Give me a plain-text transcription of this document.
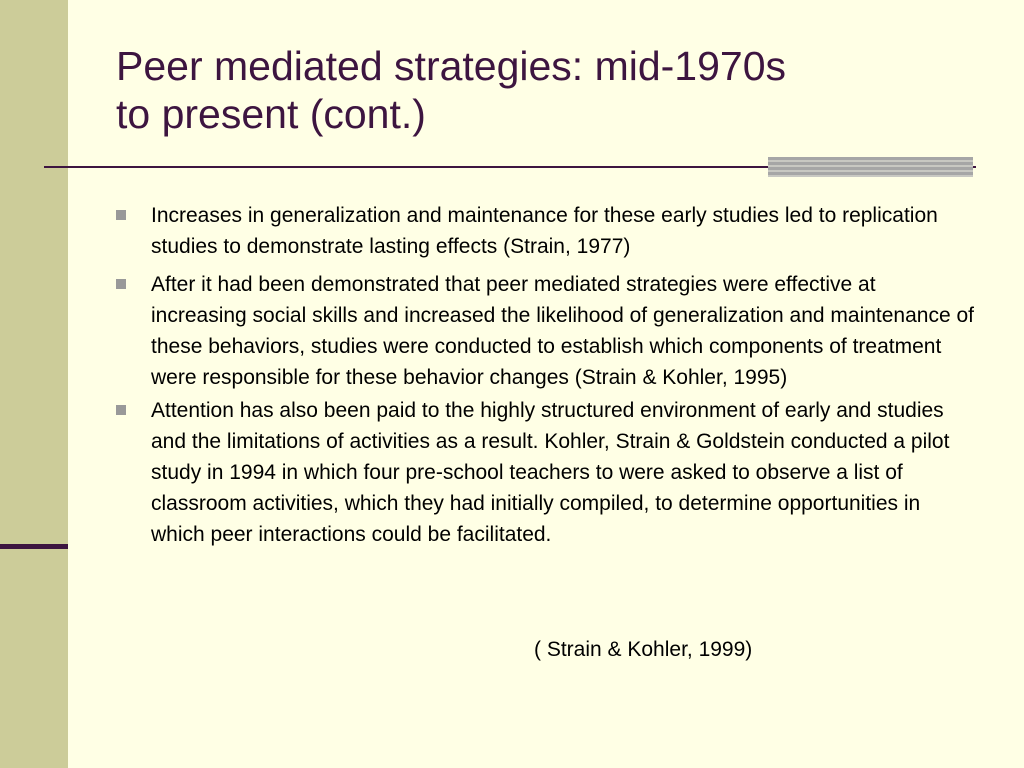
Peer mediated strategies: mid-1970s
to present (cont.)
Increases in generalization and maintenance for these early studies led to replication studies to demonstrate lasting effects (Strain, 1977)
After it had been demonstrated that peer mediated strategies were effective at increasing social skills and increased the likelihood of generalization and maintenance of these behaviors, studies were conducted to establish which components of treatment were responsible for these behavior changes (Strain & Kohler, 1995)
Attention has also been paid to the highly structured environment of early and studies and the limitations of activities as a result. Kohler, Strain & Goldstein conducted a pilot study in 1994 in which four pre-school teachers to were asked to observe a list of classroom activities, which they had initially compiled, to determine opportunities in which peer interactions could be facilitated.

( Strain & Kohler, 1999)
